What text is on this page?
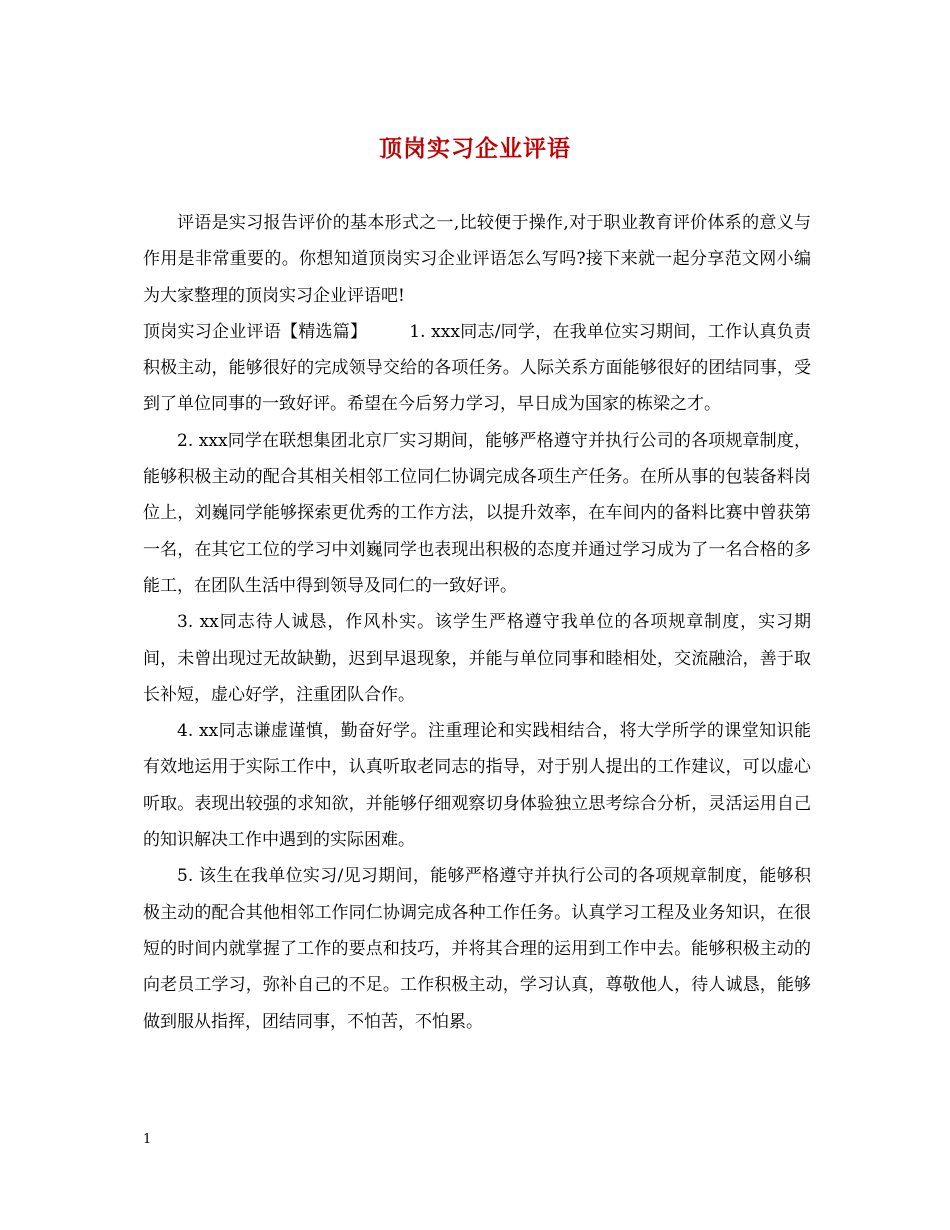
顶岗实习企业评语

评语是实习报告评价的基本形式之一,比较便于操作,对于职业教育评价体系的意义与作用是非常重要的。你想知道顶岗实习企业评语怎么写吗?接下来就一起分享范文网小编为大家整理的顶岗实习企业评语吧!

顶岗实习企业评语【精选篇】 1. xxx同志/同学，在我单位实习期间，工作认真负责积极主动，能够很好的完成领导交给的各项任务。人际关系方面能够很好的团结同事，受到了单位同事的一致好评。希望在今后努力学习，早日成为国家的栋梁之才。

2. xxx同学在联想集团北京厂实习期间，能够严格遵守并执行公司的各项规章制度，能够积极主动的配合其相关相邻工位同仁协调完成各项生产任务。在所从事的包装备料岗位上，刘巍同学能够探索更优秀的工作方法，以提升效率，在车间内的备料比赛中曾获第一名，在其它工位的学习中刘巍同学也表现出积极的态度并通过学习成为了一名合格的多能工，在团队生活中得到领导及同仁的一致好评。

3. xx同志待人诚恳，作风朴实。该学生严格遵守我单位的各项规章制度，实习期间，未曾出现过无故缺勤，迟到早退现象，并能与单位同事和睦相处，交流融洽，善于取长补短，虚心好学，注重团队合作。

4. xx同志谦虚谨慎，勤奋好学。注重理论和实践相结合，将大学所学的课堂知识能有效地运用于实际工作中，认真听取老同志的指导，对于别人提出的工作建议，可以虚心听取。表现出较强的求知欲，并能够仔细观察切身体验独立思考综合分析，灵活运用自己的知识解决工作中遇到的实际困难。

5. 该生在我单位实习/见习期间，能够严格遵守并执行公司的各项规章制度，能够积极主动的配合其他相邻工作同仁协调完成各种工作任务。认真学习工程及业务知识，在很短的时间内就掌握了工作的要点和技巧，并将其合理的运用到工作中去。能够积极主动的向老员工学习，弥补自己的不足。工作积极主动，学习认真，尊敬他人，待人诚恳，能够做到服从指挥，团结同事，不怕苦，不怕累。

1
